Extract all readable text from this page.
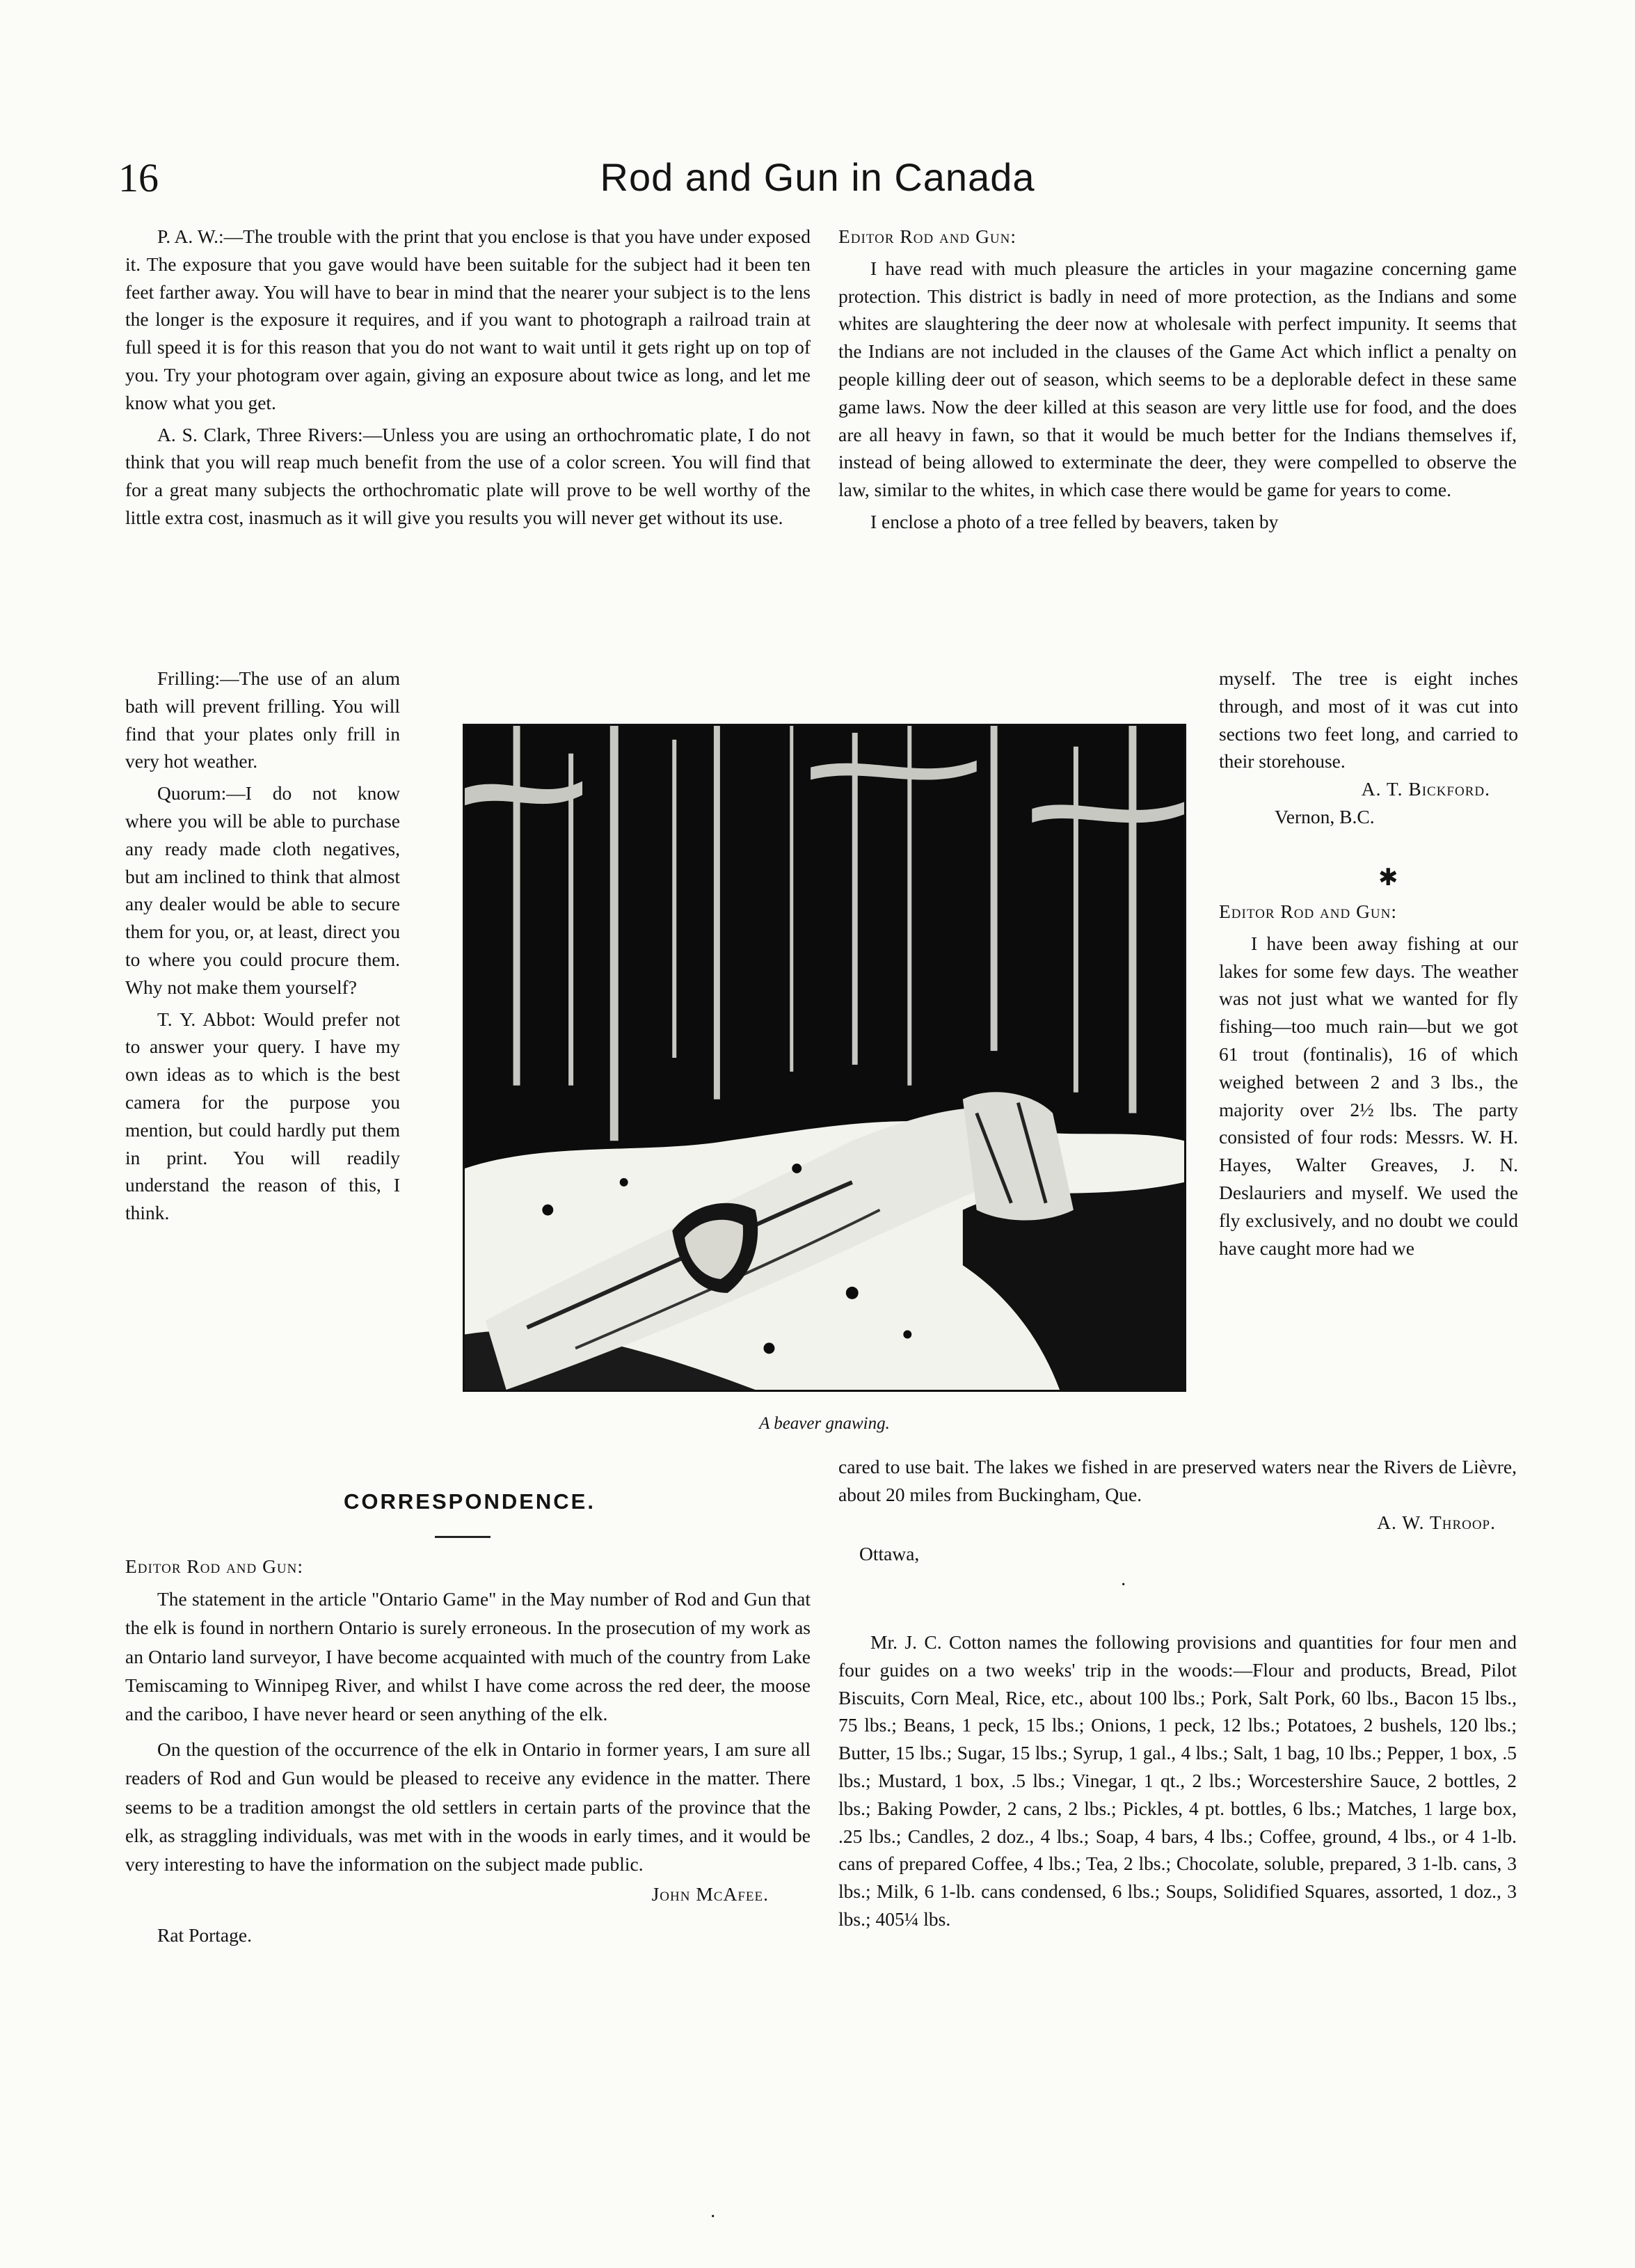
16	Rod and Gun in Canada

P. A. W.:—The trouble with the print that you enclose is that you have under exposed it. The exposure that you gave would have been suitable for the subject had it been ten feet farther away. You will have to bear in mind that the nearer your subject is to the lens the longer is the exposure it requires, and if you want to photograph a railroad train at full speed it is for this reason that you do not want to wait until it gets right up on top of you. Try your photogram over again, giving an exposure about twice as long, and let me know what you get.

A. S. Clark, Three Rivers:—Unless you are using an orthochromatic plate, I do not think that you will reap much benefit from the use of a color screen. You will find that for a great many subjects the orthochromatic plate will prove to be well worthy of the little extra cost, inasmuch as it will give you results you will never get without its use.

Frilling:—The use of an alum bath will prevent frilling. You will find that your plates only frill in very hot weather.

Quorum:—I do not know where you will be able to purchase any ready made cloth negatives, but am inclined to think that almost any dealer would be able to secure them for you, or, at least, direct you to where you could procure them. Why not make them yourself?

T. Y. Abbot: Would prefer not to answer your query. I have my own ideas as to which is the best camera for the purpose you mention, but could hardly put them in print. You will readily understand the reason of this, I think.

A beaver gnawing.
CORRESPONDENCE.
Editor Rod and Gun:

The statement in the article "Ontario Game" in the May number of Rod and Gun that the elk is found in northern Ontario is surely erroneous. In the prosecution of my work as an Ontario land surveyor, I have become acquainted with much of the country from Lake Temiscaming to Winnipeg River, and whilst I have come across the red deer, the moose and the cariboo, I have never heard or seen anything of the elk.

On the question of the occurrence of the elk in Ontario in former years, I am sure all readers of Rod and Gun would be pleased to receive any evidence in the matter. There seems to be a tradition amongst the old settlers in certain parts of the province that the elk, as straggling individuals, was met with in the woods in early times, and it would be very interesting to have the information on the subject made public.

John McAfee.
Rat Portage.
Editor Rod and Gun:

I have read with much pleasure the articles in your magazine concerning game protection. This district is badly in need of more protection, as the Indians and some whites are slaughtering the deer now at wholesale with perfect impunity. It seems that the Indians are not included in the clauses of the Game Act which inflict a penalty on people killing deer out of season, which seems to be a deplorable defect in these same game laws. Now the deer killed at this season are very little use for food, and the does are all heavy in fawn, so that it would be much better for the Indians themselves if, instead of being allowed to exterminate the deer, they were compelled to observe the law, similar to the whites, in which case there would be game for years to come.

I enclose a photo of a tree felled by beavers, taken by

myself. The tree is eight inches through, and most of it was cut into sections two feet long, and carried to their storehouse.
A. T. Bickford.
Vernon, B.C.
✱
Editor Rod and Gun:

I have been away fishing at our lakes for some few days. The weather was not just what we wanted for fly fishing—too much rain—but we got 61 trout (fontinalis), 16 of which weighed between 2 and 3 lbs., the majority over 2½ lbs. The party consisted of four rods: Messrs. W. H. Hayes, Walter Greaves, J. N. Deslauriers and myself. We used the fly exclusively, and no doubt we could have caught more had we

cared to use bait. The lakes we fished in are preserved waters near the Rivers de Lièvre, about 20 miles from Buckingham, Que.
A. W. Throop.
Ottawa,
·

Mr. J. C. Cotton names the following provisions and quantities for four men and four guides on a two weeks' trip in the woods:—Flour and products, Bread, Pilot Biscuits, Corn Meal, Rice, etc., about 100 lbs.; Pork, Salt Pork, 60 lbs., Bacon 15 lbs., 75 lbs.; Beans, 1 peck, 15 lbs.; Onions, 1 peck, 12 lbs.; Potatoes, 2 bushels, 120 lbs.; Butter, 15 lbs.; Sugar, 15 lbs.; Syrup, 1 gal., 4 lbs.; Salt, 1 bag, 10 lbs.; Pepper, 1 box, .5 lbs.; Mustard, 1 box, .5 lbs.; Vinegar, 1 qt., 2 lbs.; Worcestershire Sauce, 2 bottles, 2 lbs.; Baking Powder, 2 cans, 2 lbs.; Pickles, 4 pt. bottles, 6 lbs.; Matches, 1 large box, .25 lbs.; Candles, 2 doz., 4 lbs.; Soap, 4 bars, 4 lbs.; Coffee, ground, 4 lbs., or 4 1-lb. cans of prepared Coffee, 4 lbs.; Tea, 2 lbs.; Chocolate, soluble, prepared, 3 1-lb. cans, 3 lbs.; Milk, 6 1-lb. cans condensed, 6 lbs.; Soups, Solidified Squares, assorted, 1 doz., 3 lbs.; 405¼ lbs.

·
